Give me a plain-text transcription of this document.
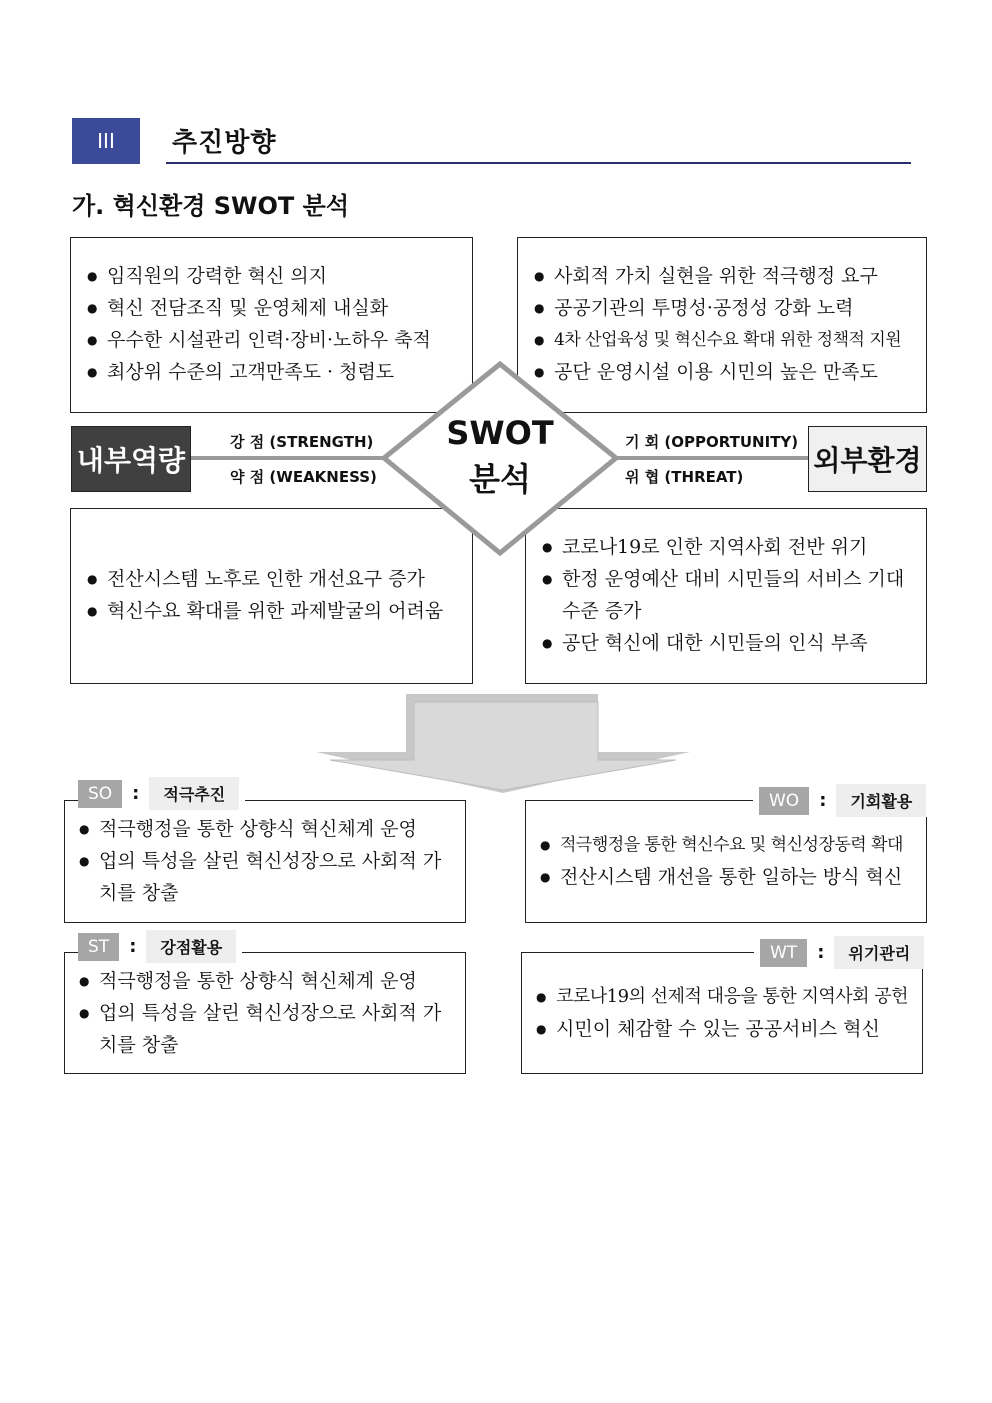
III	추진방향
가. 혁신환경 SWOT 분석
● 임직원의 강력한 혁신 의지
● 혁신 전담조직 및 운영체제 내실화
● 우수한 시설관리 인력·장비·노하우 축적
● 최상위 수준의 고객만족도 · 청렴도
● 사회적 가치 실현을 위한 적극행정 요구
● 공공기관의 투명성·공정성 강화 노력
● 4차 산업육성 및 혁신수요 확대 위한 정책적 지원
● 공단 운영시설 이용 시민의 높은 만족도
● 전산시스템 노후로 인한 개선요구 증가
● 혁신수요 확대를 위한 과제발굴의 어려움
● 코로나19로 인한 지역사회 전반 위기
● 한정 운영예산 대비 시민들의 서비스 기대수준 증가
● 공단 혁신에 대한 시민들의 인식 부족
내부역량	외부환경
강 점 (STRENGTH)
약 점 (WEAKNESS)
기 회 (OPPORTUNITY)
위 협 (THREAT)
SWOT
분석
● 적극행정을 통한 상향식 혁신체계 운영
● 업의 특성을 살린 혁신성장으로 사회적 가치를 창출
SO	:	적극추진
● 적극행정을 통한 혁신수요 및 혁신성장동력 확대
● 전산시스템 개선을 통한 일하는 방식 혁신
WO	:	기회활용
● 적극행정을 통한 상향식 혁신체계 운영
● 업의 특성을 살린 혁신성장으로 사회적 가치를 창출
ST	:	강점활용
● 코로나19의 선제적 대응을 통한 지역사회 공헌
● 시민이 체감할 수 있는 공공서비스 혁신
WT	:	위기관리
